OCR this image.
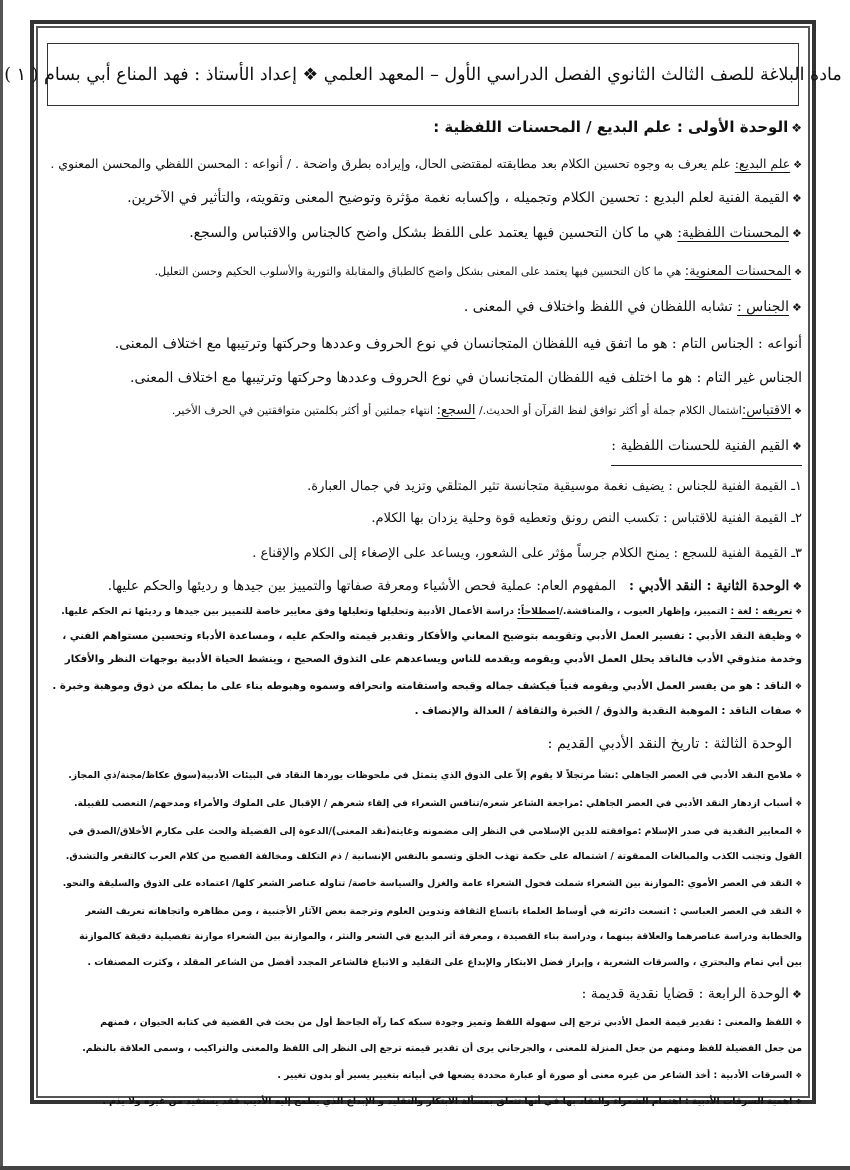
مادة البلاغة للصف الثالث الثانوي الفصل الدراسي الأول – المعهد العلمي ❖ إعداد الأستاذ : فهد المناع أبي بسام ( ١ )
❖الوحدة الأولى : علم البديع / المحسنات اللفظية :
❖علم البديع: علم يعرف به وجوه تحسين الكلام بعد مطابقته لمقتضى الحال، وإيراده بطرق واضحة . / أنواعه : المحسن اللفظي والمحسن المعنوي .
❖القيمة الفنية لعلم البديع : تحسين الكلام وتجميله ، وإكسابه نغمة مؤثرة وتوضيح المعنى وتقويته، والتأثير في الآخرين.
❖المحسنات اللفظية: هي ما كان التحسين فيها يعتمد على اللفظ بشكل واضح كالجناس والاقتباس والسجع.
❖المحسنات المعنوية: هي ما كان التحسين فيها يعتمد على المعنى بشكل واضح كالطباق والمقابلة والتورية والأسلوب الحكيم وحسن التعليل.
❖الجناس : تشابه اللفظان في اللفظ واختلاف في المعنى .
أنواعه : الجناس التام : هو ما اتفق فيه اللفظان المتجانسان في نوع الحروف وعددها وحركتها وترتيبها مع اختلاف المعنى.
الجناس غير التام : هو ما اختلف فيه اللفظان المتجانسان في نوع الحروف وعددها وحركتها وترتيبها مع اختلاف المعنى.
❖الاقتباس:اشتمال الكلام جملة أو أكثر توافق لفظ القرآن أو الحديث./ السجع: انتهاء جملتين أو أكثر بكلمتين متوافقتين في الحرف الأخير.
❖القيم الفنية للحسنات اللفظية :
١ـ القيمة الفنية للجناس : يضيف نغمة موسيقية متجانسة تثير المتلقي وتزيد في جمال العبارة.
٢ـ القيمة الفنية للاقتباس : تكسب النص رونق وتعطيه قوة وحلية يزدان بها الكلام.
٣ـ القيمة الفنية للسجع : يمنح الكلام جرساً مؤثر على الشعور، ويساعد على الإصغاء إلى الكلام والإقناع .
❖الوحدة الثانية : النقد الأدبي :   المفهوم العام: عملية فحص الأشياء ومعرفة صفاتها والتمييز بين جيدها و رديئها والحكم عليها.
❖تعريفه : لغة : التمييز، وإظهار العيوب ، والمناقشة./اصطلاحاً: دراسة الأعمال الأدبية وتحليلها وتعليلها وفق معايير خاصة للتمييز بين جيدها و رديئها ثم الحكم عليها.
❖وظيفة النقد الأدبي : تفسير العمل الأدبي وتقويمه بتوضيح المعاني والأفكار وتقدير قيمته والحكم عليه ، ومساعدة الأدباء وتحسين مستواهم الفني ،
وخدمة متذوقي الأدب فالناقد يحلل العمل الأدبي ويقومه ويقدمه للناس ويساعدهم على التذوق الصحيح ، وينشط الحياة الأدبية بوجهات النظر والأفكار
❖الناقد : هو من يفسر العمل الأدبي ويقومه فنياً فيكشف جماله وقبحه واستقامته وانحرافه وسموه وهبوطه بناء على ما يملكه من ذوق وموهبة وخبرة .
❖صفات الناقد : الموهبة النقدية والذوق / الخبرة والثقافة / العدالة والإنصاف .
الوحدة الثالثة : تاريخ النقد الأدبي القديم :
❖ملامح النقد الأدبي في العصر الجاهلي :نشأ مرتجلاً لا يقوم إلاّ على الذوق الذي يتمثل في ملحوظات يوردها النقاد في البيئات الأدبية(سوق عكاظ/مجنة/ذي المجاز.
❖أسباب ازدهار النقد الأدبي في العصر الجاهلي :مراجعة الشاعر شعره/تنافس الشعراء في إلقاء شعرهم / الإقبال على الملوك والأمراء ومدحهم/ التعصب للقبيلة.
❖المعايير النقدية في صدر الإسلام :موافقته للدين الإسلامي في النظر إلى مضمونه وغايته(نقد المعنى)/الدعوة إلى الفضيلة والحث على مكارم الأخلاق/الصدق في
القول وتجنب الكذب والمبالغات الممقوتة / اشتماله على حكمة تهذب الخلق وتسمو بالنفس الإنسانية / ذم التكلف ومخالفة الفصيح من كلام العرب كالتقعر والتشدق.
❖النقد في العصر الأموي :الموازنة بين الشعراء شملت فحول الشعراء عامة والغزل والسياسة خاصة/ تناوله عناصر الشعر كلها/ اعتماده على الذوق والسليقة والنحو.
❖النقد في العصر العباسي : اتسعت دائرته في أوساط العلماء باتساع الثقافة وتدوين العلوم وترجمة بعض الآثار الأجنبية ، ومن مظاهره واتجاهاته تعريف الشعر
والخطابة ودراسة عناصرهما والعلاقة بينهما ، ودراسة بناء القصيدة ، ومعرفة أثر البديع في الشعر والنثر ، والموازنة بين الشعراء موازنة تفصيلية دقيقة كالموازنة
بين أبي تمام والبحتري ، والسرقات الشعرية ، وإبراز فضل الابتكار والإبداع على التقليد و الاتباع فالشاعر المجدد أفضل من الشاعر المقلد ، وكثرت المصنفات .
❖الوحدة الرابعة : قضايا نقدية قديمة :
❖اللفظ والمعنى : تقدير قيمة العمل الأدبي ترجع إلى سهولة اللفظ وتميز وجودة سبكه كما رآه الجاحظ أول من بحث في القضية في كتابه الحيوان ، فمنهم
من جعل الفضيلة للفظ ومنهم من جعل المنزلة للمعنى ، والجرجاني يرى أن تقدير قيمته ترجع إلى النظر إلى اللفظ والمعنى والتراكيب ، وسمى العلاقة بالنظم.
❖السرقات الأدبية : أخذ الشاعر من غيره معنى أو صورة أو عبارة محددة يضعها في أبياته بتغيير يسير أو بدون تغيير .
❖اهمية السرقات الأدبية : اهتمام الشعراء والنقاد بها في أنها تتعلق بمسألة الابتكار والتقليد و الإبداع الذي يطمح إليه الأديب فقد يستفيد من غيره ولا يذم .
